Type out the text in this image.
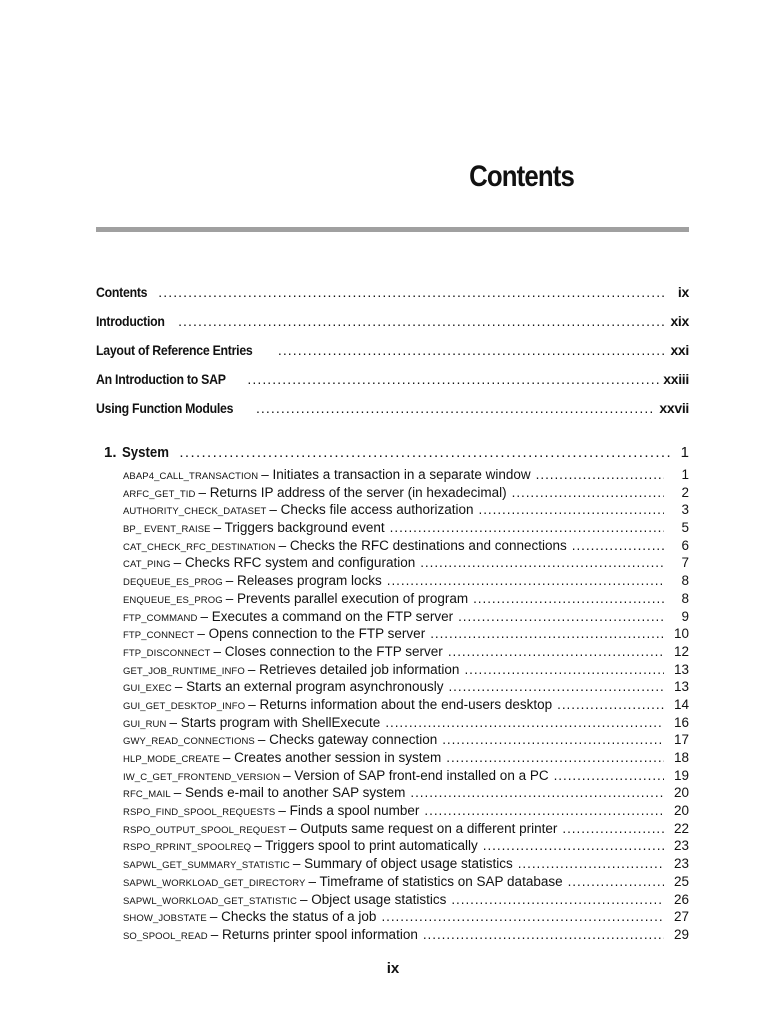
Contents
Contents . . .	ix
Introduction . . .	xix
Layout of Reference Entries . . .	xxi
An Introduction to SAP . . .	xxiii
Using Function Modules . . .	xxvii
1. System . . .	1
ABAP4_CALL_TRANSACTION – Initiates a transaction in a separate window . . .	1
ARFC_GET_TID – Returns IP address of the server (in hexadecimal) . . .	2
AUTHORITY_CHECK_DATASET – Checks file access authorization . . .	3
BP_ EVENT_RAISE – Triggers background event . . .	5
CAT_CHECK_RFC_DESTINATION – Checks the RFC destinations and connections . . .	6
CAT_PING – Checks RFC system and configuration . . .	7
DEQUEUE_ES_PROG – Releases program locks . . .	8
ENQUEUE_ES_PROG – Prevents parallel execution of program . . .	8
FTP_COMMAND – Executes a command on the FTP server . . .	9
FTP_CONNECT – Opens connection to the FTP server . . .	10
FTP_DISCONNECT – Closes connection to the FTP server . . .	12
GET_JOB_RUNTIME_INFO – Retrieves detailed job information . . .	13
GUI_EXEC – Starts an external program asynchronously . . .	13
GUI_GET_DESKTOP_INFO – Returns information about the end-users desktop . . .	14
GUI_RUN – Starts program with ShellExecute . . .	16
GWY_READ_CONNECTIONS – Checks gateway connection . . .	17
HLP_MODE_CREATE – Creates another session in system . . .	18
IW_C_GET_FRONTEND_VERSION – Version of SAP front-end installed on a PC . . .	19
RFC_MAIL – Sends e-mail to another SAP system . . .	20
RSPO_FIND_SPOOL_REQUESTS – Finds a spool number . . .	20
RSPO_OUTPUT_SPOOL_REQUEST – Outputs same request on a different printer . . .	22
RSPO_RPRINT_SPOOLREQ – Triggers spool to print automatically . . .	23
SAPWL_GET_SUMMARY_STATISTIC – Summary of object usage statistics . . .	23
SAPWL_WORKLOAD_GET_DIRECTORY – Timeframe of statistics on SAP database . . .	25
SAPWL_WORKLOAD_GET_STATISTIC – Object usage statistics . . .	26
SHOW_JOBSTATE – Checks the status of a job . . .	27
SO_SPOOL_READ – Returns printer spool information . . .	29
ix
